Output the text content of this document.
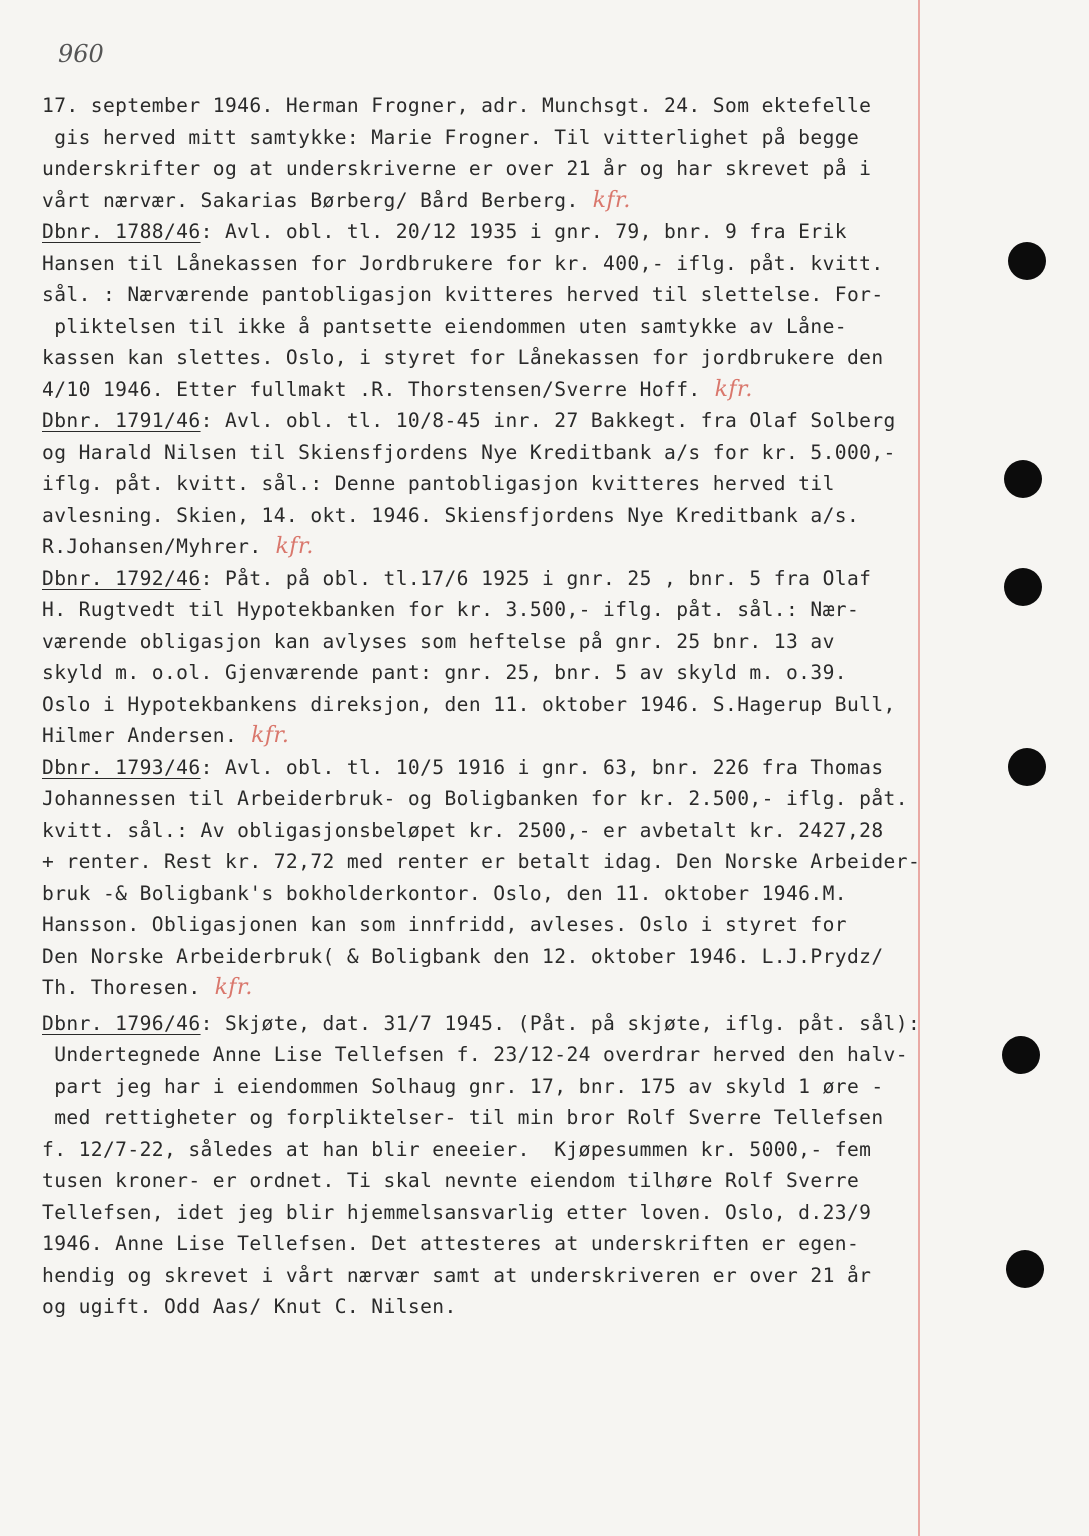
960
17. september 1946. Herman Frogner, adr. Munchsgt. 24. Som ektefelle
gis herved mitt samtykke: Marie Frogner. Til vitterlighet på begge
underskrifter og at underskriverne er over 21 år og har skrevet på i
vårt nærvær. Sakarias Børberg/ Bård Berberg. kfr.
Dbnr. 1788/46: Avl. obl. tl. 20/12 1935 i gnr. 79, bnr. 9 fra Erik
Hansen til Lånekassen for Jordbrukere for kr. 400,- iflg. påt. kvitt.
sål. : Nærværende pantobligasjon kvitteres herved til slettelse. For-
pliktelsen til ikke å pantsette eiendommen uten samtykke av Låne-
kassen kan slettes. Oslo, i styret for Lånekassen for jordbrukere den
4/10 1946. Etter fullmakt .R. Thorstensen/Sverre Hoff. kfr.
Dbnr. 1791/46: Avl. obl. tl. 10/8-45 inr. 27 Bakkegt. fra Olaf Solberg
og Harald Nilsen til Skiensfjordens Nye Kreditbank a/s for kr. 5.000,-
iflg. påt. kvitt. sål.: Denne pantobligasjon kvitteres herved til
avlesning. Skien, 14. okt. 1946. Skiensfjordens Nye Kreditbank a/s.
R.Johansen/Myhrer. kfr.
Dbnr. 1792/46: Påt. på obl. tl.17/6 1925 i gnr. 25 , bnr. 5 fra Olaf
H. Rugtvedt til Hypotekbanken for kr. 3.500,- iflg. påt. sål.: Nær-
værende obligasjon kan avlyses som heftelse på gnr. 25 bnr. 13 av
skyld m. o.ol. Gjenværende pant: gnr. 25, bnr. 5 av skyld m. o.39.
Oslo i Hypotekbankens direksjon, den 11. oktober 1946. S.Hagerup Bull,
Hilmer Andersen. kfr.
Dbnr. 1793/46: Avl. obl. tl. 10/5 1916 i gnr. 63, bnr. 226 fra Thomas
Johannessen til Arbeiderbruk- og Boligbanken for kr. 2.500,- iflg. påt.
kvitt. sål.: Av obligasjonsbeløpet kr. 2500,- er avbetalt kr. 2427,28
+ renter. Rest kr. 72,72 med renter er betalt idag. Den Norske Arbeider-
bruk -& Boligbank's bokholderkontor. Oslo, den 11. oktober 1946.M.
Hansson. Obligasjonen kan som innfridd, avleses. Oslo i styret for
Den Norske Arbeiderbruk( & Boligbank den 12. oktober 1946. L.J.Prydz/
Th. Thoresen. kfr.
Dbnr. 1796/46: Skjøte, dat. 31/7 1945. (Påt. på skjøte, iflg. påt. sål):
Undertegnede Anne Lise Tellefsen f. 23/12-24 overdrar herved den halv-
part jeg har i eiendommen Solhaug gnr. 17, bnr. 175 av skyld 1 øre -
med rettigheter og forpliktelser- til min bror Rolf Sverre Tellefsen
f. 12/7-22, således at han blir eneeier.  Kjøpesummen kr. 5000,- fem
tusen kroner- er ordnet. Ti skal nevnte eiendom tilhøre Rolf Sverre
Tellefsen, idet jeg blir hjemmelsansvarlig etter loven. Oslo, d.23/9
1946. Anne Lise Tellefsen. Det attesteres at underskriften er egen-
hendig og skrevet i vårt nærvær samt at underskriveren er over 21 år
og ugift. Odd Aas/ Knut C. Nilsen.
